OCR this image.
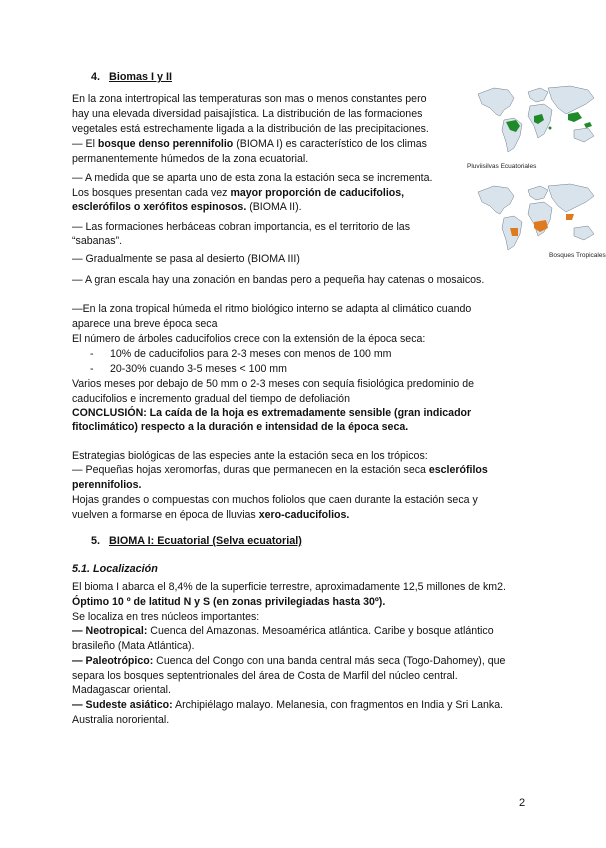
4. Biomas I y II

En la zona intertropical las temperaturas son mas o menos constantes pero

hay una elevada diversidad paisajística. La distribución de las formaciones

vegetales está estrechamente ligada a la distribución de las precipitaciones.

— El bosque denso perennifolio (BIOMA I) es característico de los climas

permanentemente húmedos de la zona ecuatorial.

— A medida que se aparta uno de esta zona la estación seca se incrementa.

Los bosques presentan cada vez mayor proporción de caducifolios,

esclerófilos o xerófitos espinosos. (BIOMA II).

— Las formaciones herbáceas cobran importancia, es el territorio de las

“sabanas”.

— Gradualmente se pasa al desierto (BIOMA III)

— A gran escala hay una zonación en bandas pero a pequeña hay catenas o mosaicos.

—En la zona tropical húmeda el ritmo biológico interno se adapta al climático cuando

aparece una breve época seca

El número de árboles caducifolios crece con la extensión de la época seca:

- 10% de caducifolios para 2-3 meses con menos de 100 mm
- 20-30% cuando 3-5 meses < 100 mm

Varios meses por debajo de 50 mm o 2-3 meses con sequía fisiológica predominio de

caducifolios e incremento gradual del tiempo de defoliación

CONCLUSIÓN: La caída de la hoja es extremadamente sensible (gran indicador

fitoclimático) respecto a la duración e intensidad de la época seca.

Estrategias biológicas de las especies ante la estación seca en los trópicos:

— Pequeñas hojas xeromorfas, duras que permanecen en la estación seca esclerófilos

perennifolios.

Hojas grandes o compuestas con muchos foliolos que caen durante la estación seca y

vuelven a formarse en época de lluvias xero-caducifolios.

5. BIOMA I: Ecuatorial (Selva ecuatorial)

5.1. Localización

El bioma I abarca el 8,4% de la superficie terrestre, aproximadamente 12,5 millones de km2.

Óptimo 10 º de latitud N y S (en zonas privilegiadas hasta 30º).

Se localiza en tres núcleos importantes:

— Neotropical: Cuenca del Amazonas. Mesoamérica atlántica. Caribe y bosque atlántico

brasileño (Mata Atlántica).

— Paleotrópico: Cuenca del Congo con una banda central más seca (Togo-Dahomey), que

separa los bosques septentrionales del área de Costa de Marfil del núcleo central.

Madagascar oriental.

— Sudeste asiático: Archipiélago malayo. Melanesia, con fragmentos en India y Sri Lanka.

Australia nororiental.

Pluviisilvas Ecuatoriales
Bosques Tropicales
2
